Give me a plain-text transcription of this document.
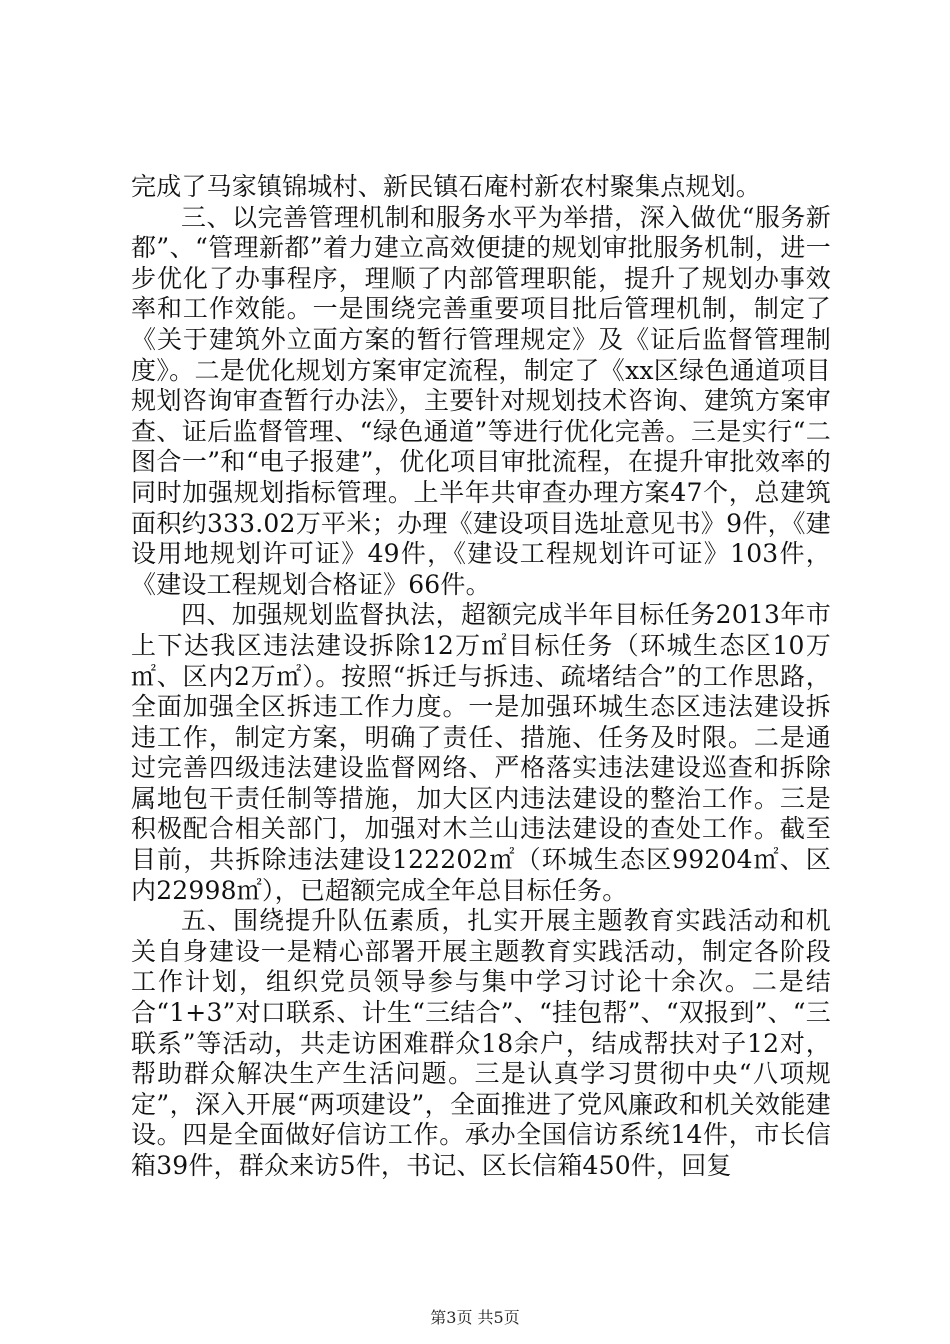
完成了马家镇锦城村、新民镇石庵村新农村聚集点规划。

三、以完善管理机制和服务水平为举措，深入做优“服务新都”、“管理新都”着力建立高效便捷的规划审批服务机制，进一步优化了办事程序，理顺了内部管理职能，提升了规划办事效率和工作效能。一是围绕完善重要项目批后管理机制，制定了《关于建筑外立面方案的暂行管理规定》及《证后监督管理制度》。二是优化规划方案审定流程，制定了《xx区绿色通道项目规划咨询审查暂行办法》，主要针对规划技术咨询、建筑方案审查、证后监督管理、“绿色通道”等进行优化完善。三是实行“二图合一”和“电子报建”，优化项目审批流程，在提升审批效率的同时加强规划指标管理。上半年共审查办理方案47个，总建筑面积约333.02万平米；办理《建设项目选址意见书》9件，《建设用地规划许可证》49件，《建设工程规划许可证》103件，《建设工程规划合格证》66件。

四、加强规划监督执法，超额完成半年目标任务2013年市上下达我区违法建设拆除12万㎡目标任务（环城生态区10万㎡、区内2万㎡）。按照“拆迁与拆违、疏堵结合”的工作思路，全面加强全区拆违工作力度。一是加强环城生态区违法建设拆违工作，制定方案，明确了责任、措施、任务及时限。二是通过完善四级违法建设监督网络、严格落实违法建设巡查和拆除属地包干责任制等措施，加大区内违法建设的整治工作。三是积极配合相关部门，加强对木兰山违法建设的查处工作。截至目前，共拆除违法建设122202㎡（环城生态区99204㎡、区内22998㎡），已超额完成全年总目标任务。

五、围绕提升队伍素质，扎实开展主题教育实践活动和机关自身建设一是精心部署开展主题教育实践活动，制定各阶段工作计划，组织党员领导参与集中学习讨论十余次。二是结合“1+3”对口联系、计生“三结合”、“挂包帮”、“双报到”、“三联系”等活动，共走访困难群众18余户，结成帮扶对子12对，帮助群众解决生产生活问题。三是认真学习贯彻中央“八项规定”，深入开展“两项建设”，全面推进了党风廉政和机关效能建设。四是全面做好信访工作。承办全国信访系统14件，市长信箱39件，群众来访5件，书记、区长信箱450件，回复

第3页 共5页
